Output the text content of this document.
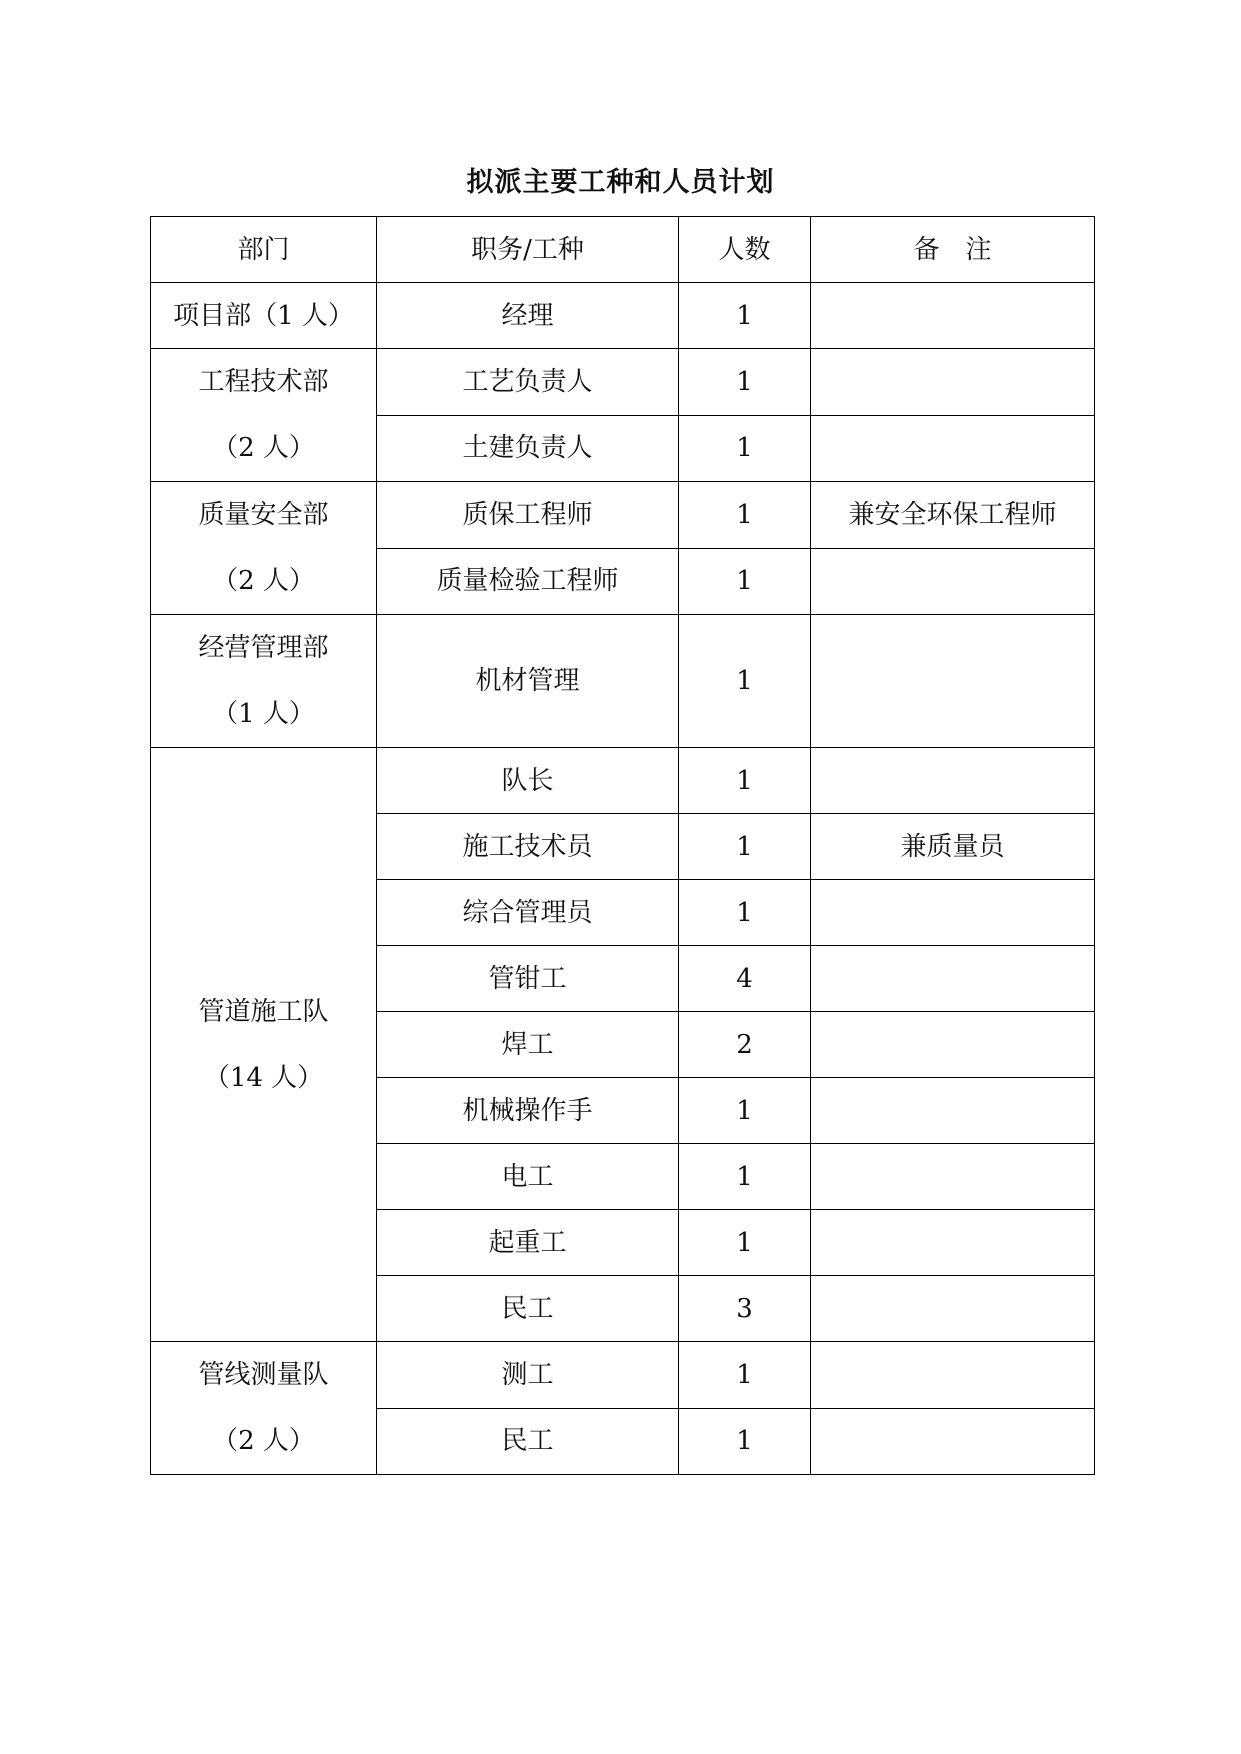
拟派主要工种和人员计划
部门	职务/工种	人数	备　注
项目部（1 人）	经理	1	

工程技术部
（2 人）	工艺负责人	1	
	土建负责人	1	

质量安全部
（2 人）	质保工程师	1	兼安全环保工程师
	质量检验工程师	1	

经营管理部
（1 人）	机材管理	1	

管道施工队
（14 人）	队长	1	
	施工技术员	1	兼质量员
	综合管理员	1	
	管钳工	4	
	焊工	2	
	机械操作手	1	
	电工	1	
	起重工	1	
	民工	3	

管线测量队
（2 人）	测工	1	
	民工	1	
